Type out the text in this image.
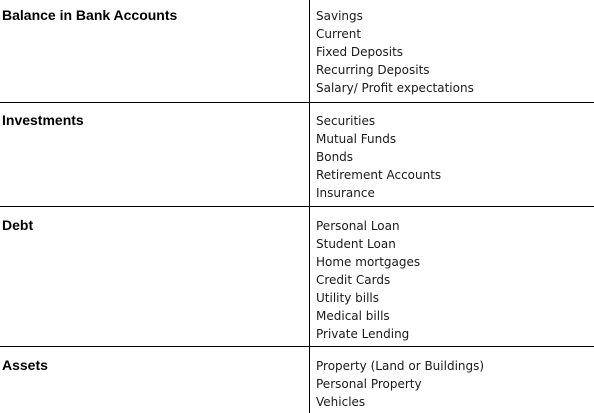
Balance in Bank Accounts	Savings
Current
Fixed Deposits
Recurring Deposits
Salary/ Profit expectations
Investments	Securities
Mutual Funds
Bonds
Retirement Accounts
Insurance
Debt	Personal Loan
Student Loan
Home mortgages
Credit Cards
Utility bills
Medical bills
Private Lending
Assets	Property (Land or Buildings)
Personal Property
Vehicles
